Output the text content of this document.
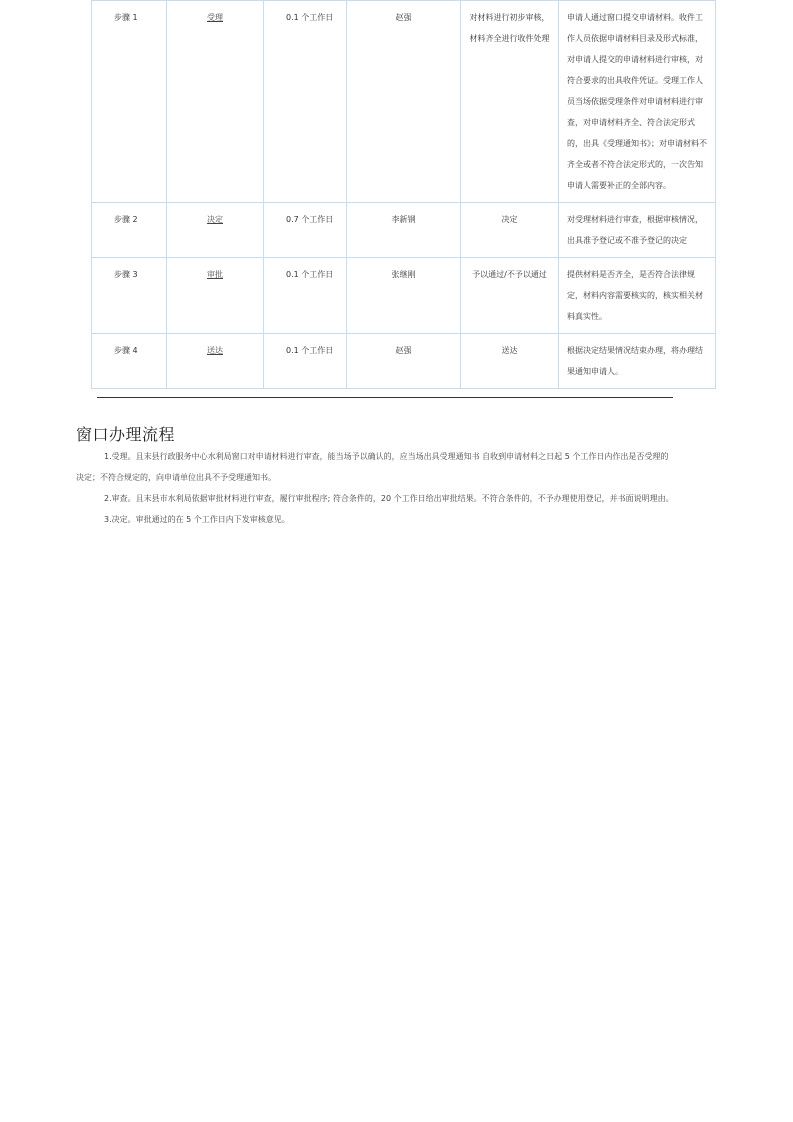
步骤 1	受理	0.1 个工作日	赵强	对材料进行初步审核，材料齐全进行收件处理	申请人通过窗口提交申请材料。收件工作人员依据申请材料目录及形式标准，对申请人提交的申请材料进行审核，对符合要求的出具收件凭证。受理工作人员当场依据受理条件对申请材料进行审查，对申请材料齐全、符合法定形式的，出具《受理通知书》；对申请材料不齐全或者不符合法定形式的，一次告知申请人需要补正的全部内容。
步骤 2	决定	0.7 个工作日	李新钢	决定	对受理材料进行审查，根据审核情况，出具准予登记或不准予登记的决定
步骤 3	审批	0.1 个工作日	张继刚	予以通过/不予以通过	提供材料是否齐全，是否符合法律规定，材料内容需要核实的，核实相关材料真实性。
步骤 4	送达	0.1 个工作日	赵强	送达	根据决定结果情况结束办理，将办理结果通知申请人。
窗口办理流程

1.受理。且末县行政服务中心水利局窗口对申请材料进行审查，能当场予以确认的，应当场出具受理通知书 自收到申请材料之日起 5 个工作日内作出是否受理的决定；不符合规定的，向申请单位出具不予受理通知书。

2.审查。且末县市水利局依据审批材料进行审查，履行审批程序; 符合条件的，20 个工作日给出审批结果。不符合条件的，不予办理使用登记，并书面说明理由。

3.决定。审批通过的在 5 个工作日内下发审核意见。
